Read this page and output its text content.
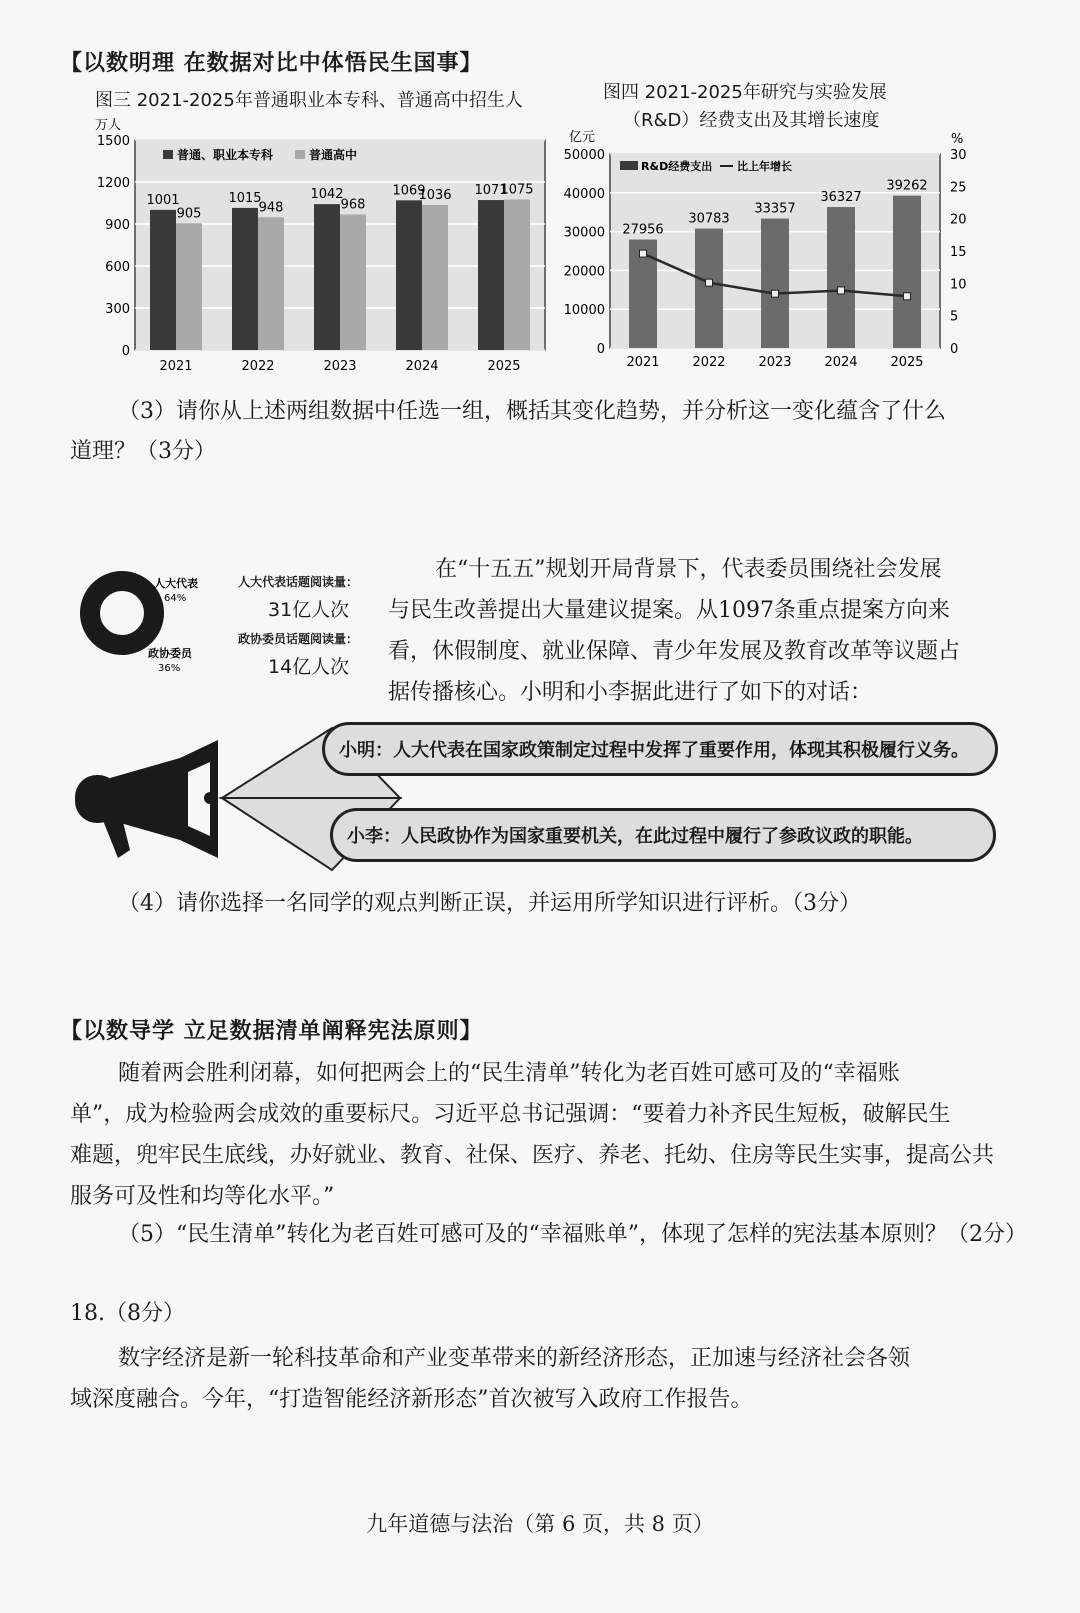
【以数明理 在数据对比中体悟民生国事】
图三 2021-2025年普通职业本专科、普通高中招生人
万人
0
300
600
900
1200
1500
1001
905
1015
948
1042
968
1069
1036 1071
1075
2021	2022	2023	2024	2025
普通、职业本专科	普通高中
图四 2021-2025年研究与实验发展
（R&D）经费支出及其增长速度
亿元	%
0
10000
20000
30000
40000
50000
0
5
10
15
20
25
30
27956
30783
33357
36327
39262
2021	2022	2023	2024	2025
R&D经费支出 比上年增长
（3）请你从上述两组数据中任选一组，概括其变化趋势，并分析这一变化蕴含了什么
道理？（3分）
人大代表
64%
政协委员
36%
人大代表话题阅读量：
31亿人次
政协委员话题阅读量：
14亿人次
在“十五五”规划开局背景下，代表委员围绕社会发展
与民生改善提出大量建议提案。从1097条重点提案方向来
看，休假制度、就业保障、青少年发展及教育改革等议题占
据传播核心。小明和小李据此进行了如下的对话：
小明：人大代表在国家政策制定过程中发挥了重要作用，体现其积极履行义务。
小李：人民政协作为国家重要机关，在此过程中履行了参政议政的职能。
（4）请你选择一名同学的观点判断正误，并运用所学知识进行评析。（3分）
【以数导学 立足数据清单阐释宪法原则】
随着两会胜利闭幕，如何把两会上的“民生清单”转化为老百姓可感可及的“幸福账
单”，成为检验两会成效的重要标尺。习近平总书记强调：“要着力补齐民生短板，破解民生
难题，兜牢民生底线，办好就业、教育、社保、医疗、养老、托幼、住房等民生实事，提高公共
服务可及性和均等化水平。”
（5）“民生清单”转化为老百姓可感可及的“幸福账单”，体现了怎样的宪法基本原则？（2分）
18.（8分）
数字经济是新一轮科技革命和产业变革带来的新经济形态，正加速与经济社会各领
域深度融合。今年，“打造智能经济新形态”首次被写入政府工作报告。
九年道德与法治（第 6 页，共 8 页）
